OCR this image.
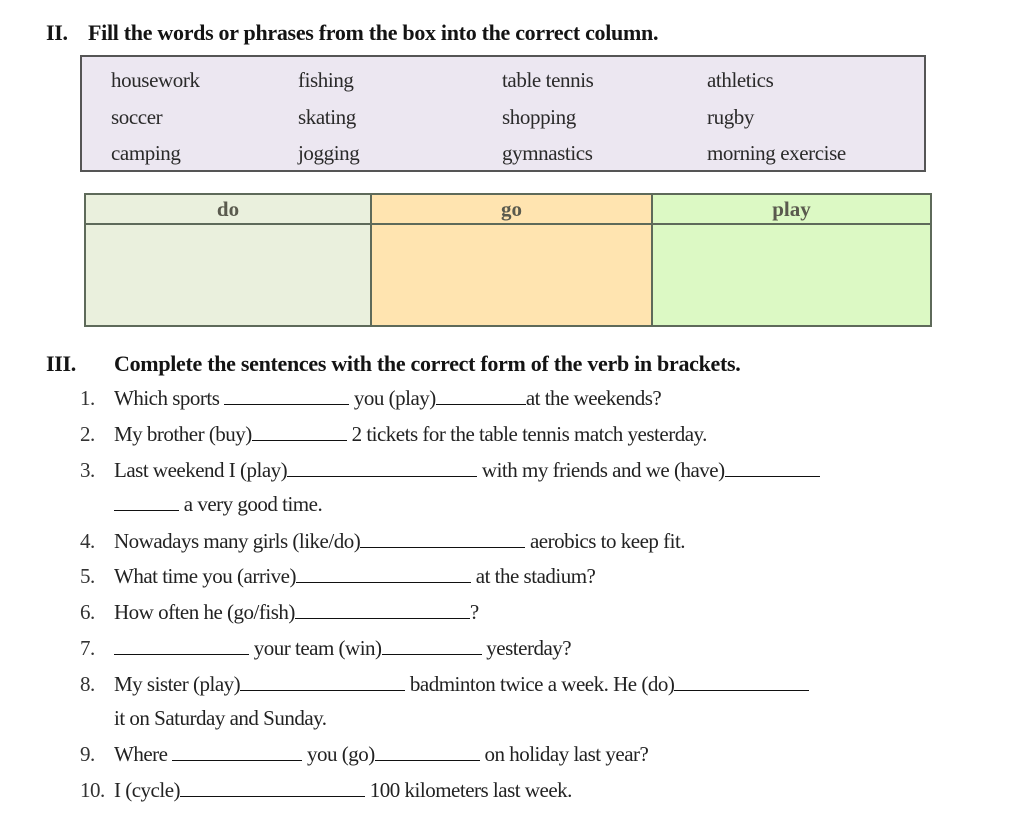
II. Fill the words or phrases from the box into the correct column.
housework	fishing	table tennis	athletics
soccer	skating	shopping	rugby
camping	jogging	gymnastics	morning exercise
do	go	play

III. Complete the sentences with the correct form of the verb in brackets.
1. Which sports	you (play)	at the weekends?
2. My brother (buy)	2 tickets for the table tennis match yesterday.
3. Last weekend I (play)	with my friends and we (have)
a very good time.
4. Nowadays many girls (like/do)	aerobics to keep fit.
5. What time you (arrive)	at the stadium?
6. How often he (go/fish)	?
7.	your team (win)	yesterday?
8. My sister (play)	badminton twice a week. He (do)
it on Saturday and Sunday.
9. Where	you (go)	on holiday last year?
10. I (cycle)	100 kilometers last week.
